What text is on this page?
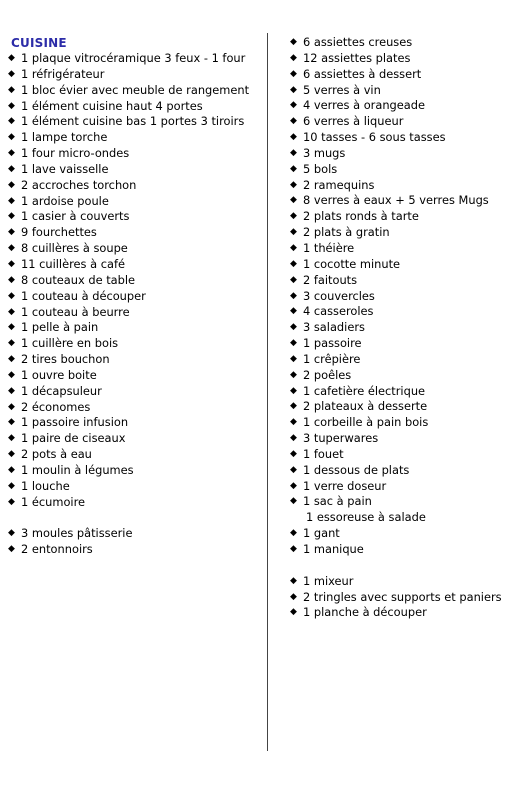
CUISINE
◆ 1 plaque vitrocéramique 3 feux - 1 four
◆ 1 réfrigérateur
◆ 1 bloc évier avec meuble de rangement
◆ 1 élément cuisine haut 4 portes
◆ 1 élément cuisine bas 1 portes 3 tiroirs
◆ 1 lampe torche
◆ 1 four micro-ondes
◆ 1 lave vaisselle
◆ 2 accroches torchon
◆ 1 ardoise poule
◆ 1 casier à couverts
◆ 9 fourchettes
◆ 8 cuillères à soupe
◆ 11 cuillères à café
◆ 8 couteaux de table
◆ 1 couteau à découper
◆ 1 couteau à beurre
◆ 1 pelle à pain
◆ 1 cuillère en bois
◆ 2 tires bouchon
◆ 1 ouvre boite
◆ 1 décapsuleur
◆ 2 économes
◆ 1 passoire infusion
◆ 1 paire de ciseaux
◆ 2 pots à eau
◆ 1 moulin à légumes
◆ 1 louche
◆ 1 écumoire
◆ 3 moules pâtisserie
◆ 2 entonnoirs
◆ 6 assiettes creuses
◆ 12 assiettes plates
◆ 6 assiettes à dessert
◆ 5 verres à vin
◆ 4 verres à orangeade
◆ 6 verres à liqueur
◆ 10 tasses - 6 sous tasses
◆ 3 mugs
◆ 5 bols
◆ 2 ramequins
◆ 8 verres à eaux + 5 verres Mugs
◆ 2 plats ronds à tarte
◆ 2 plats à gratin
◆ 1 théière
◆ 1 cocotte minute
◆ 2 faitouts
◆ 3 couvercles
◆ 4 casseroles
◆ 3 saladiers
◆ 1 passoire
◆ 1 crêpière
◆ 2 poêles
◆ 1 cafetière électrique
◆ 2 plateaux à desserte
◆ 1 corbeille à pain bois
◆ 3 tuperwares
◆ 1 fouet
◆ 1 dessous de plats
◆ 1 verre doseur
◆ 1 sac à pain
1 essoreuse à salade
◆ 1 gant
◆ 1 manique
◆ 1 mixeur
◆ 2 tringles avec supports et paniers
◆ 1 planche à découper
